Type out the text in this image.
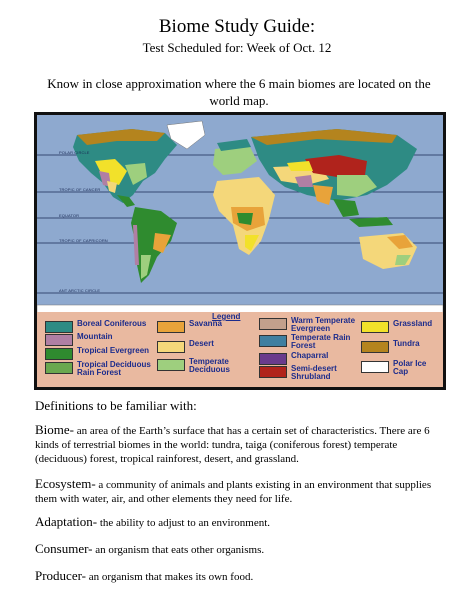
Biome Study Guide:
Test Scheduled for: Week of Oct. 12
Know in close approximation where the 6 main biomes are located on the world map.
POLAR CIRCLE
TROPIC OF CANCER
EQUATOR
TROPIC OF CAPRICORN
ANT ARCTIC CIRCLE
Legend
Boreal Coniferous
Mountain
Tropical Evergreen
Tropical Deciduous Rain Forest
Savanna
Desert
Temperate Deciduous
Warm Temperate Evergreen
Temperate Rain Forest
Chaparral
Semi-desert Shrubland
Grassland
Tundra
Polar Ice Cap
Definitions to be familiar with:
Biome- an area of the Earth’s surface that has a certain set of characteristics. There are 6 kinds of terrestrial biomes in the world: tundra, taiga (coniferous forest) temperate (deciduous) forest, tropical rainforest, desert, and grassland.
Ecosystem- a community of animals and plants existing in an environment that supplies them with water, air, and other elements they need for life.
Adaptation- the ability to adjust to an environment.
Consumer- an organism that eats other organisms.
Producer- an organism that makes its own food.
